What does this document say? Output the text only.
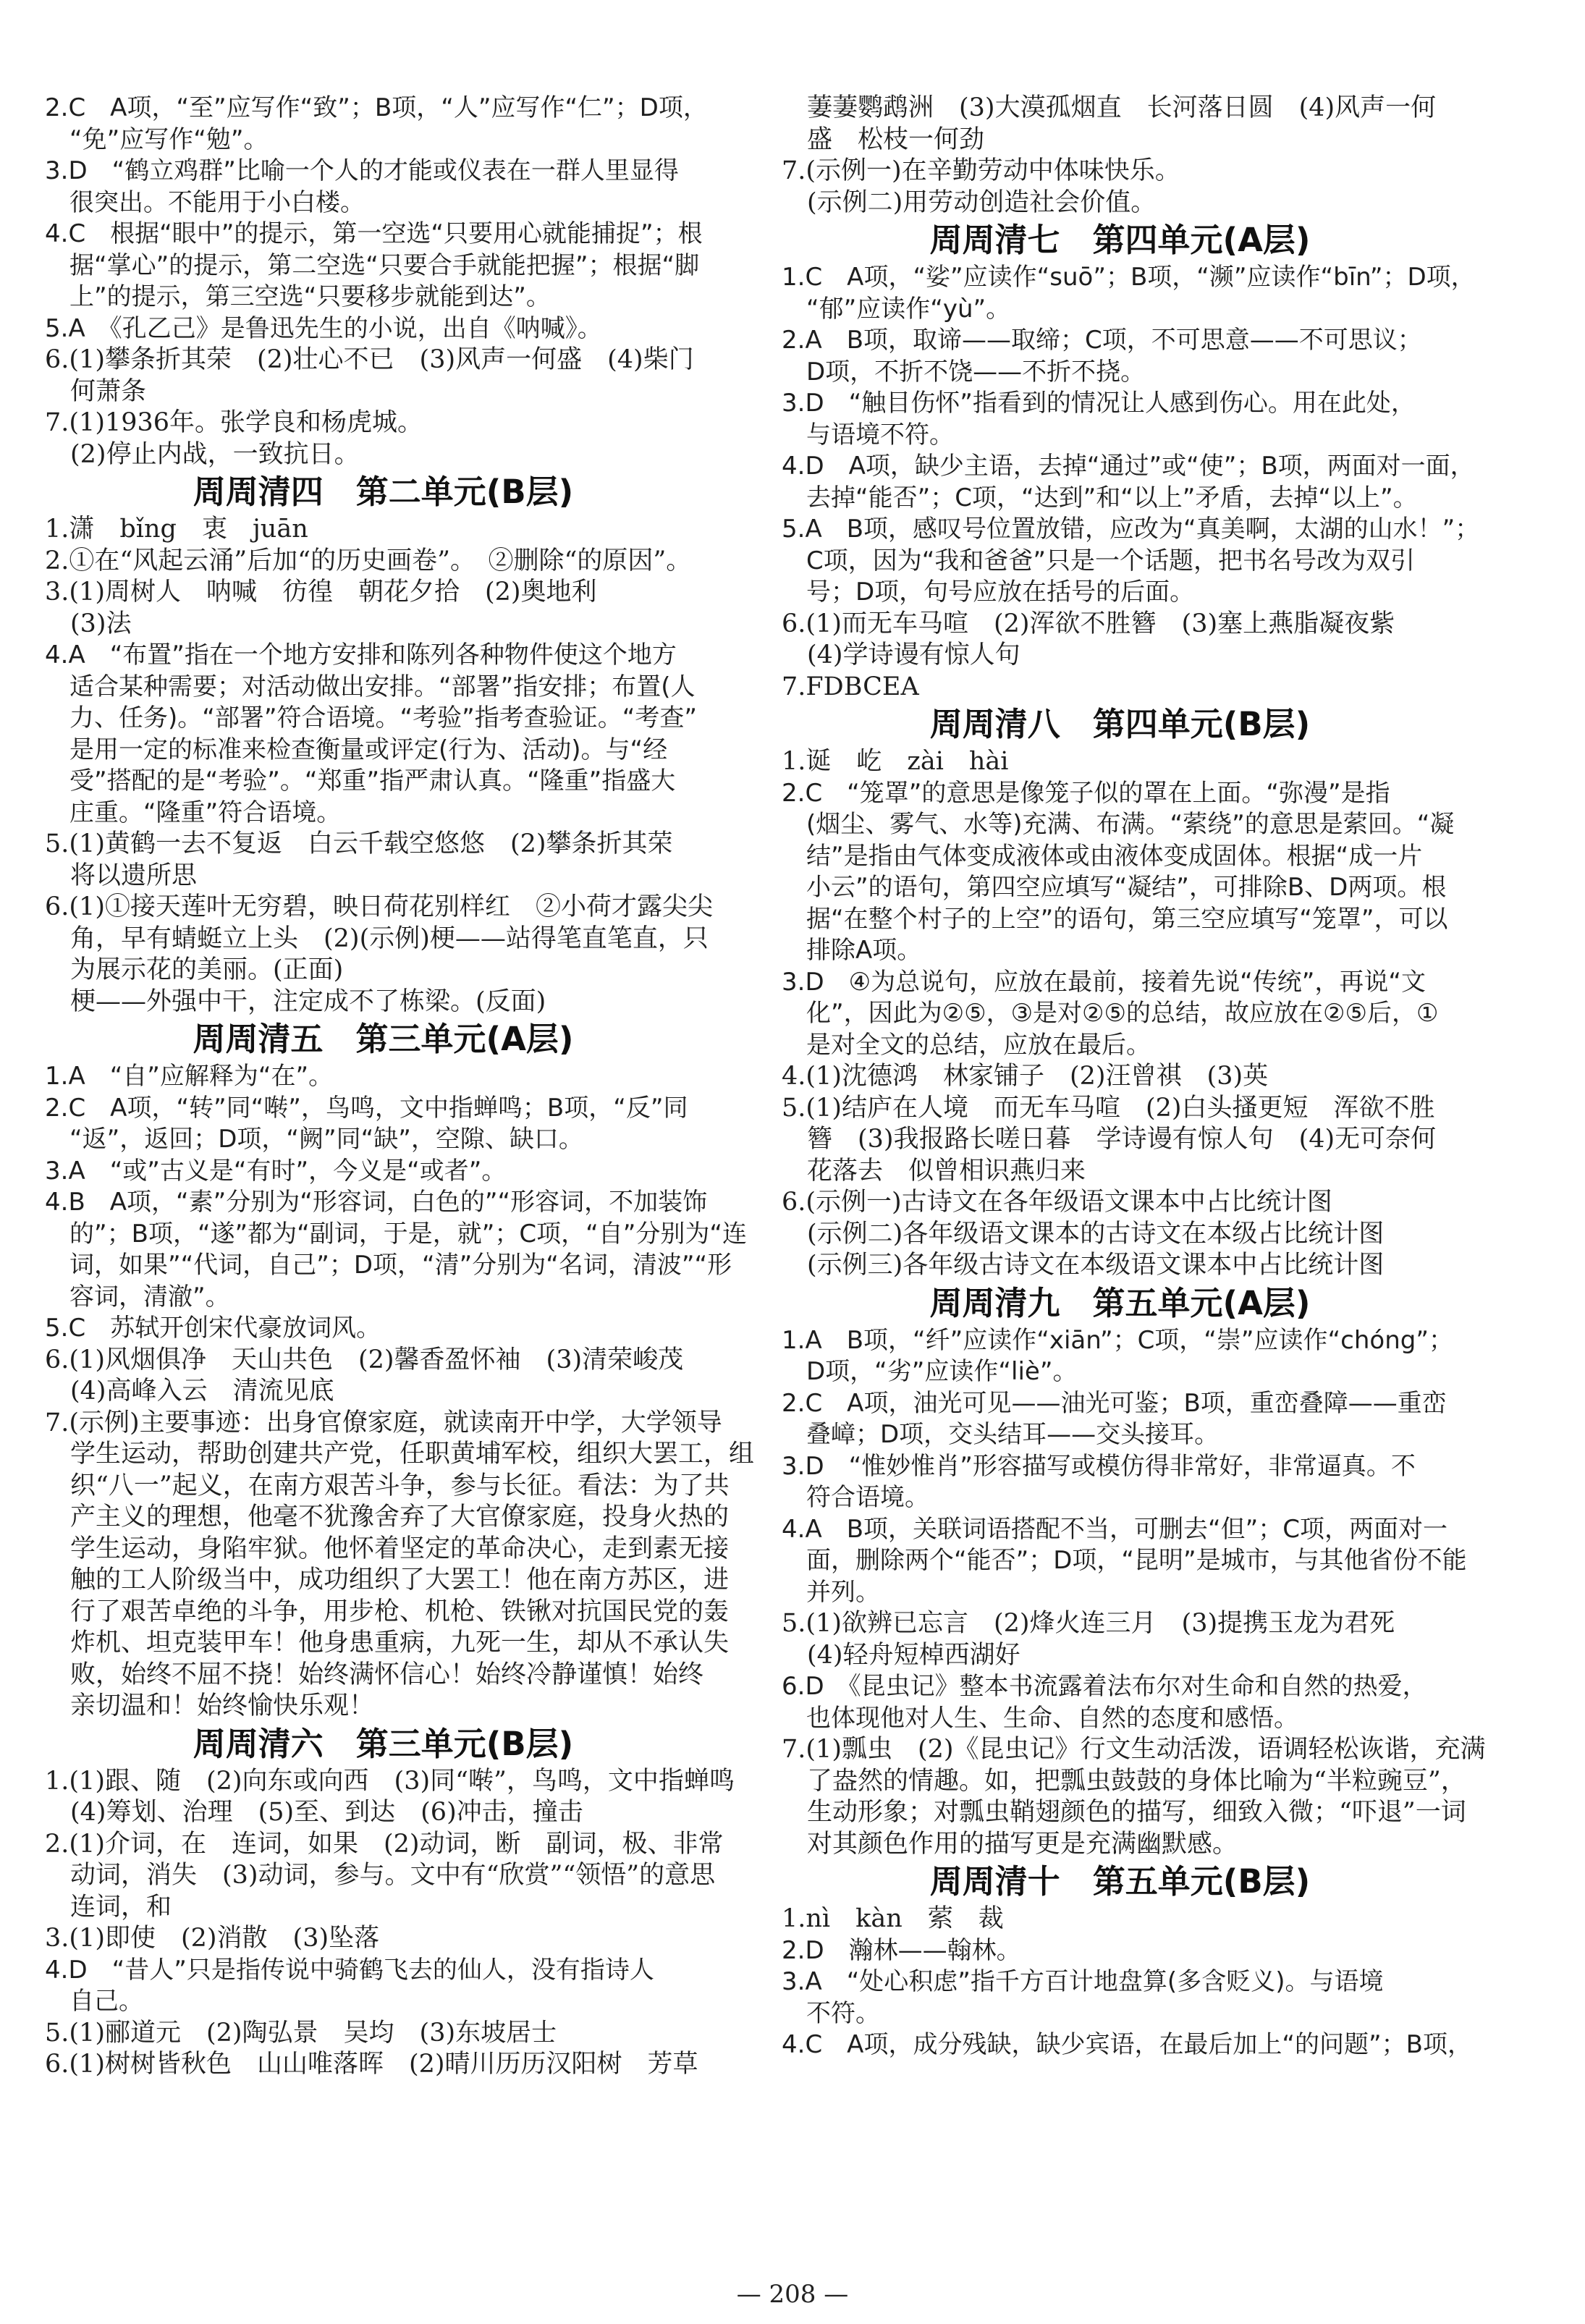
2.C　A项，“至”应写作“致”；B项，“人”应写作“仁”；D项，
　“免”应写作“勉”。
3.D　“鹤立鸡群”比喻一个人的才能或仪表在一群人里显得
　很突出。不能用于小白楼。
4.C　根据“眼中”的提示，第一空选“只要用心就能捕捉”；根
　据“掌心”的提示，第二空选“只要合手就能把握”；根据“脚
　上”的提示，第三空选“只要移步就能到达”。
5.A　《孔乙己》是鲁迅先生的小说，出自《呐喊》。
6.(1)攀条折其荣　(2)壮心不已　(3)风声一何盛　(4)柴门
　何萧条
7.(1)1936年。张学良和杨虎城。
　(2)停止内战，一致抗日。
周周清四　第二单元(B层)
1.潇　bǐng　衷　juān
2.①在“风起云涌”后加“的历史画卷”。　②删除“的原因”。
3.(1)周树人　呐喊　彷徨　朝花夕拾　(2)奥地利
　(3)法
4.A　“布置”指在一个地方安排和陈列各种物件使这个地方
　适合某种需要；对活动做出安排。“部署”指安排；布置(人
　力、任务)。“部署”符合语境。“考验”指考查验证。“考查”
　是用一定的标准来检查衡量或评定(行为、活动)。与“经
　受”搭配的是“考验”。“郑重”指严肃认真。“隆重”指盛大
　庄重。“隆重”符合语境。
5.(1)黄鹤一去不复返　白云千载空悠悠　(2)攀条折其荣
　将以遗所思
6.(1)①接天莲叶无穷碧，映日荷花别样红　②小荷才露尖尖
　角，早有蜻蜓立上头　(2)(示例)梗——站得笔直笔直，只
　为展示花的美丽。(正面)
　梗——外强中干，注定成不了栋梁。(反面)
周周清五　第三单元(A层)
1.A　“自”应解释为“在”。
2.C　A项，“转”同“啭”，鸟鸣，文中指蝉鸣；B项，“反”同
　“返”，返回；D项，“阙”同“缺”，空隙、缺口。
3.A　“或”古义是“有时”，今义是“或者”。
4.B　A项，“素”分别为“形容词，白色的”“形容词，不加装饰
　的”；B项，“遂”都为“副词，于是，就”；C项，“自”分别为“连
　词，如果”“代词，自己”；D项，“清”分别为“名词，清波”“形
　容词，清澈”。
5.C　苏轼开创宋代豪放词风。
6.(1)风烟俱净　天山共色　(2)馨香盈怀袖　(3)清荣峻茂
　(4)高峰入云　清流见底
7.(示例)主要事迹：出身官僚家庭，就读南开中学，大学领导
　学生运动，帮助创建共产党，任职黄埔军校，组织大罢工，组
　织“八一”起义，在南方艰苦斗争，参与长征。看法：为了共
　产主义的理想，他毫不犹豫舍弃了大官僚家庭，投身火热的
　学生运动，身陷牢狱。他怀着坚定的革命决心，走到素无接
　触的工人阶级当中，成功组织了大罢工！他在南方苏区，进
　行了艰苦卓绝的斗争，用步枪、机枪、铁锹对抗国民党的轰
　炸机、坦克装甲车！他身患重病，九死一生，却从不承认失
　败，始终不屈不挠！始终满怀信心！始终冷静谨慎！始终
　亲切温和！始终愉快乐观！
周周清六　第三单元(B层)
1.(1)跟、随　(2)向东或向西　(3)同“啭”，鸟鸣，文中指蝉鸣
　(4)筹划、治理　(5)至、到达　(6)冲击，撞击
2.(1)介词，在　连词，如果　(2)动词，断　副词，极、非常
　动词，消失　(3)动词，参与。文中有“欣赏”“领悟”的意思
　连词，和
3.(1)即使　(2)消散　(3)坠落
4.D　“昔人”只是指传说中骑鹤飞去的仙人，没有指诗人
　自己。
5.(1)郦道元　(2)陶弘景　吴均　(3)东坡居士
6.(1)树树皆秋色　山山唯落晖　(2)晴川历历汉阳树　芳草
　萋萋鹦鹉洲　(3)大漠孤烟直　长河落日圆　(4)风声一何
　盛　松枝一何劲
7.(示例一)在辛勤劳动中体味快乐。
　(示例二)用劳动创造社会价值。
周周清七　第四单元(A层)
1.C　A项，“娑”应读作“suō”；B项，“濒”应读作“bīn”；D项，
　“郁”应读作“yù”。
2.A　B项，取谛——取缔；C项，不可思意——不可思议；
　D项，不折不饶——不折不挠。
3.D　“触目伤怀”指看到的情况让人感到伤心。用在此处，
　与语境不符。
4.D　A项，缺少主语，去掉“通过”或“使”；B项，两面对一面，
　去掉“能否”；C项，“达到”和“以上”矛盾，去掉“以上”。
5.A　B项，感叹号位置放错，应改为“真美啊，太湖的山水！”；
　C项，因为“我和爸爸”只是一个话题，把书名号改为双引
　号；D项，句号应放在括号的后面。
6.(1)而无车马喧　(2)浑欲不胜簪　(3)塞上燕脂凝夜紫
　(4)学诗谩有惊人句
7.FDBCEA
周周清八　第四单元(B层)
1.诞　屹　zài　hài
2.C　“笼罩”的意思是像笼子似的罩在上面。“弥漫”是指
　(烟尘、雾气、水等)充满、布满。“萦绕”的意思是萦回。“凝
　结”是指由气体变成液体或由液体变成固体。根据“成一片
　小云”的语句，第四空应填写“凝结”，可排除B、D两项。根
　据“在整个村子的上空”的语句，第三空应填写“笼罩”，可以
　排除A项。
3.D　④为总说句，应放在最前，接着先说“传统”，再说“文
　化”，因此为②⑤，③是对②⑤的总结，故应放在②⑤后，①
　是对全文的总结，应放在最后。
4.(1)沈德鸿　林家铺子　(2)汪曾祺　(3)英
5.(1)结庐在人境　而无车马喧　(2)白头搔更短　浑欲不胜
　簪　(3)我报路长嗟日暮　学诗谩有惊人句　(4)无可奈何
　花落去　似曾相识燕归来
6.(示例一)古诗文在各年级语文课本中占比统计图
　(示例二)各年级语文课本的古诗文在本级占比统计图
　(示例三)各年级古诗文在本级语文课本中占比统计图
周周清九　第五单元(A层)
1.A　B项，“纤”应读作“xiān”；C项，“崇”应读作“chóng”；
　D项，“劣”应读作“liè”。
2.C　A项，油光可见——油光可鉴；B项，重峦叠障——重峦
　叠嶂；D项，交头结耳——交头接耳。
3.D　“惟妙惟肖”形容描写或模仿得非常好，非常逼真。不
　符合语境。
4.A　B项，关联词语搭配不当，可删去“但”；C项，两面对一
　面，删除两个“能否”；D项，“昆明”是城市，与其他省份不能
　并列。
5.(1)欲辨已忘言　(2)烽火连三月　(3)提携玉龙为君死
　(4)轻舟短棹西湖好
6.D　《昆虫记》整本书流露着法布尔对生命和自然的热爱，
　也体现他对人生、生命、自然的态度和感悟。
7.(1)瓢虫　(2)《昆虫记》行文生动活泼，语调轻松诙谐，充满
　了盎然的情趣。如，把瓢虫鼓鼓的身体比喻为“半粒豌豆”，
　生动形象；对瓢虫鞘翅颜色的描写，细致入微；“吓退”一词
　对其颜色作用的描写更是充满幽默感。
周周清十　第五单元(B层)
1.nì　kàn　萦　裁
2.D　瀚林——翰林。
3.A　“处心积虑”指千方百计地盘算(多含贬义)。与语境
　不符。
4.C　A项，成分残缺，缺少宾语，在最后加上“的问题”；B项，
— 208 —
